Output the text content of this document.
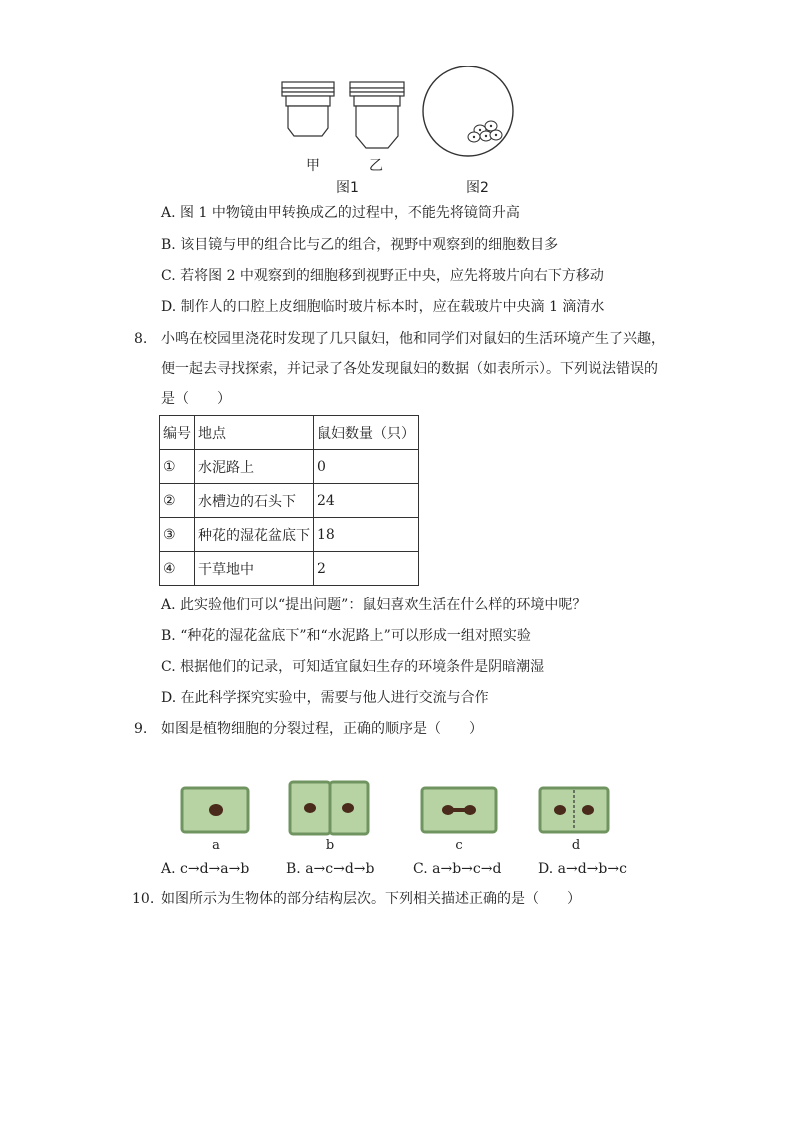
甲	乙
图1	图2
A. 图 1 中物镜由甲转换成乙的过程中，不能先将镜筒升高
B. 该目镜与甲的组合比与乙的组合，视野中观察到的细胞数目多
C. 若将图 2 中观察到的细胞移到视野正中央，应先将玻片向右下方移动
D. 制作人的口腔上皮细胞临时玻片标本时，应在载玻片中央滴 1 滴清水
8. 小鸣在校园里浇花时发现了几只鼠妇，他和同学们对鼠妇的生活环境产生了兴趣，
便一起去寻找探索，并记录了各处发现鼠妇的数据（如表所示）。下列说法错误的
是（　　）
编号	地点	鼠妇数量（只）
①	水泥路上	0
②	水槽边的石头下	24
③	种花的湿花盆底下	18
④	干草地中	2
A. 此实验他们可以“提出问题”：鼠妇喜欢生活在什么样的环境中呢？
B. “种花的湿花盆底下”和“水泥路上”可以形成一组对照实验
C. 根据他们的记录，可知适宜鼠妇生存的环境条件是阴暗潮湿
D. 在此科学探究实验中，需要与他人进行交流与合作
9. 如图是植物细胞的分裂过程，正确的顺序是（　　）
a	b	c	d
A. c→d→a→b	B. a→c→d→b	C. a→b→c→d	D. a→d→b→c
10. 如图所示为生物体的部分结构层次。下列相关描述正确的是（　　）
